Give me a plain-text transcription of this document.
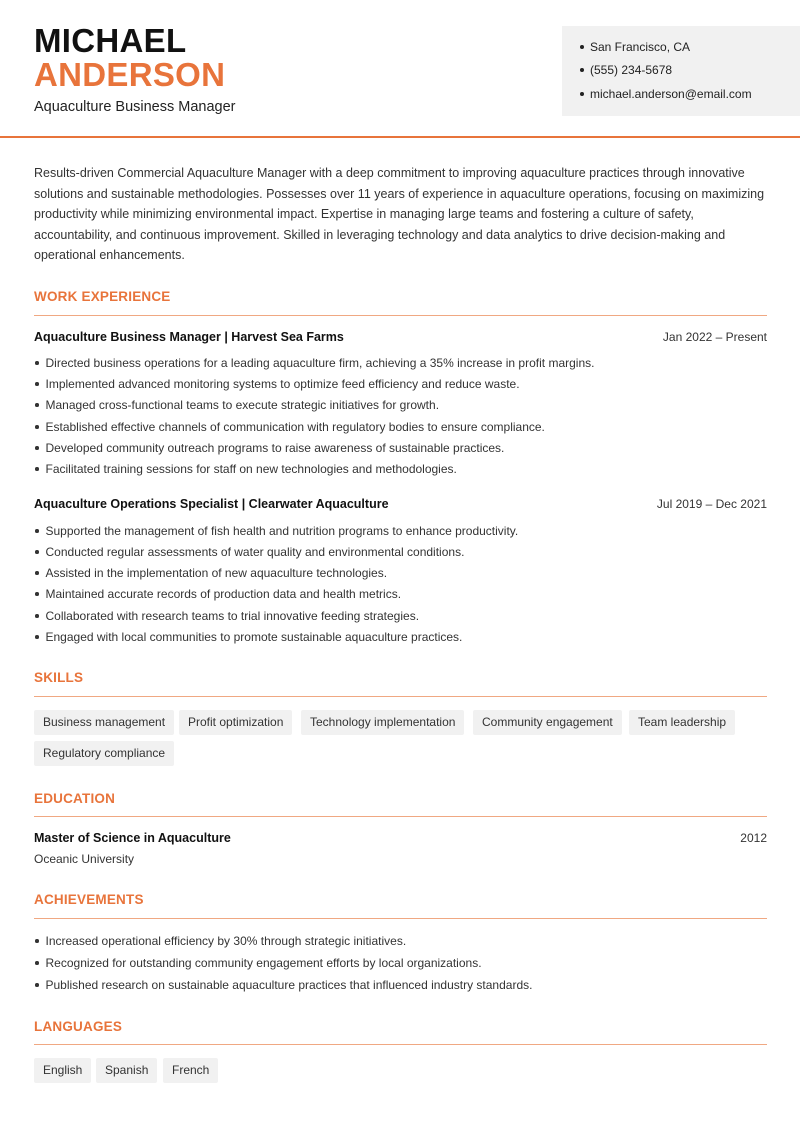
MICHAEL
ANDERSON
Aquaculture Business Manager
San Francisco, CA
(555) 234-5678
michael.anderson@email.com
Results-driven Commercial Aquaculture Manager with a deep commitment to improving aquaculture practices through innovative solutions and sustainable methodologies. Possesses over 11 years of experience in aquaculture operations, focusing on maximizing productivity while minimizing environmental impact. Expertise in managing large teams and fostering a culture of safety, accountability, and continuous improvement. Skilled in leveraging technology and data analytics to drive decision-making and operational enhancements.
WORK EXPERIENCE
Aquaculture Business Manager | Harvest Sea Farms	Jan 2022 – Present
Directed business operations for a leading aquaculture firm, achieving a 35% increase in profit margins.
Implemented advanced monitoring systems to optimize feed efficiency and reduce waste.
Managed cross-functional teams to execute strategic initiatives for growth.
Established effective channels of communication with regulatory bodies to ensure compliance.
Developed community outreach programs to raise awareness of sustainable practices.
Facilitated training sessions for staff on new technologies and methodologies.
Aquaculture Operations Specialist | Clearwater Aquaculture	Jul 2019 – Dec 2021
Supported the management of fish health and nutrition programs to enhance productivity.
Conducted regular assessments of water quality and environmental conditions.
Assisted in the implementation of new aquaculture technologies.
Maintained accurate records of production data and health metrics.
Collaborated with research teams to trial innovative feeding strategies.
Engaged with local communities to promote sustainable aquaculture practices.
SKILLS
Business management	Profit optimization	Technology implementation	Community engagement	Team leadership
Regulatory compliance
EDUCATION
Master of Science in Aquaculture	2012
Oceanic University
ACHIEVEMENTS
Increased operational efficiency by 30% through strategic initiatives.
Recognized for outstanding community engagement efforts by local organizations.
Published research on sustainable aquaculture practices that influenced industry standards.
LANGUAGES
English	Spanish	French
